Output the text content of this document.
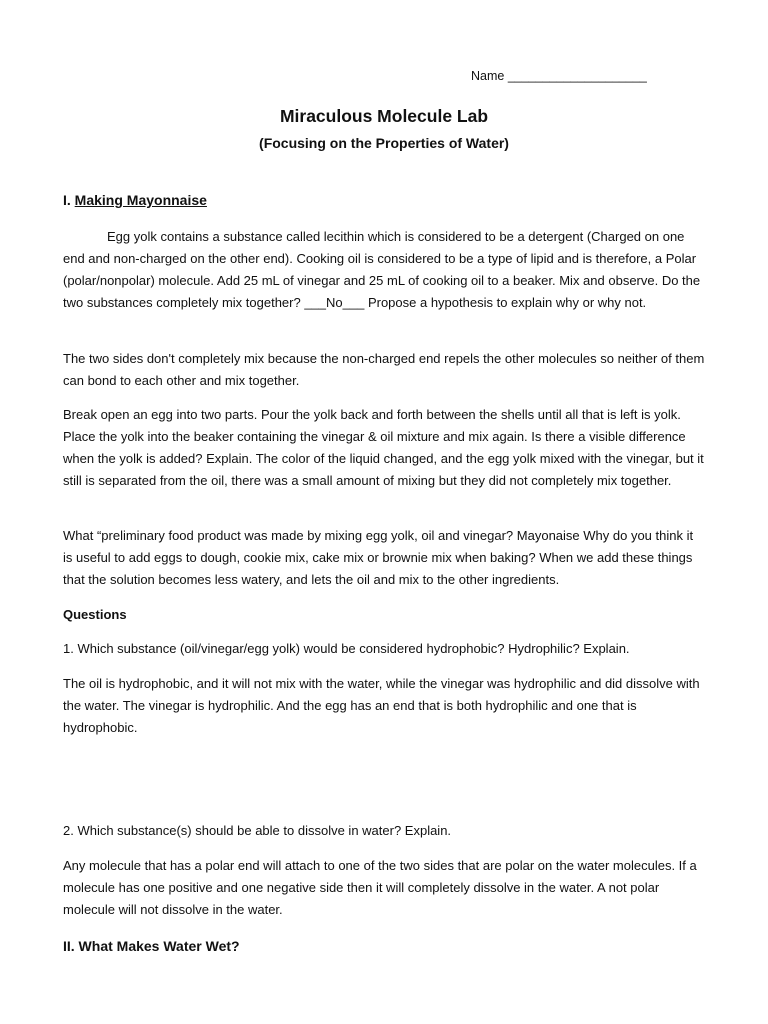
Name ____________________
Miraculous Molecule Lab
(Focusing on the Properties of Water)
I. Making Mayonnaise

Egg yolk contains a substance called lecithin which is considered to be a detergent (Charged on one end and non-charged on the other end). Cooking oil is considered to be a type of lipid and is therefore, a Polar (polar/nonpolar) molecule. Add 25 mL of vinegar and 25 mL of cooking oil to a beaker. Mix and observe. Do the two substances completely mix together? ___No___ Propose a hypothesis to explain why or why not.

The two sides don't completely mix because the non-charged end repels the other molecules so neither of them can bond to each other and mix together.

Break open an egg into two parts. Pour the yolk back and forth between the shells until all that is left is yolk. Place the yolk into the beaker containing the vinegar & oil mixture and mix again. Is there a visible difference when the yolk is added? Explain. The color of the liquid changed, and the egg yolk mixed with the vinegar, but it still is separated from the oil, there was a small amount of mixing but they did not completely mix together.

What “preliminary food product was made by mixing egg yolk, oil and vinegar? Mayonaise Why do you think it is useful to add eggs to dough, cookie mix, cake mix or brownie mix when baking? When we add these things that the solution becomes less watery, and lets the oil and mix to the other ingredients.

Questions

1. Which substance (oil/vinegar/egg yolk) would be considered hydrophobic? Hydrophilic? Explain.

The oil is hydrophobic, and it will not mix with the water, while the vinegar was hydrophilic and did dissolve with the water. The vinegar is hydrophilic. And the egg has an end that is both hydrophilic and one that is hydrophobic.

2. Which substance(s) should be able to dissolve in water? Explain.

Any molecule that has a polar end will attach to one of the two sides that are polar on the water molecules. If a molecule has one positive and one negative side then it will completely dissolve in the water. A not polar molecule will not dissolve in the water.

II. What Makes Water Wet?
